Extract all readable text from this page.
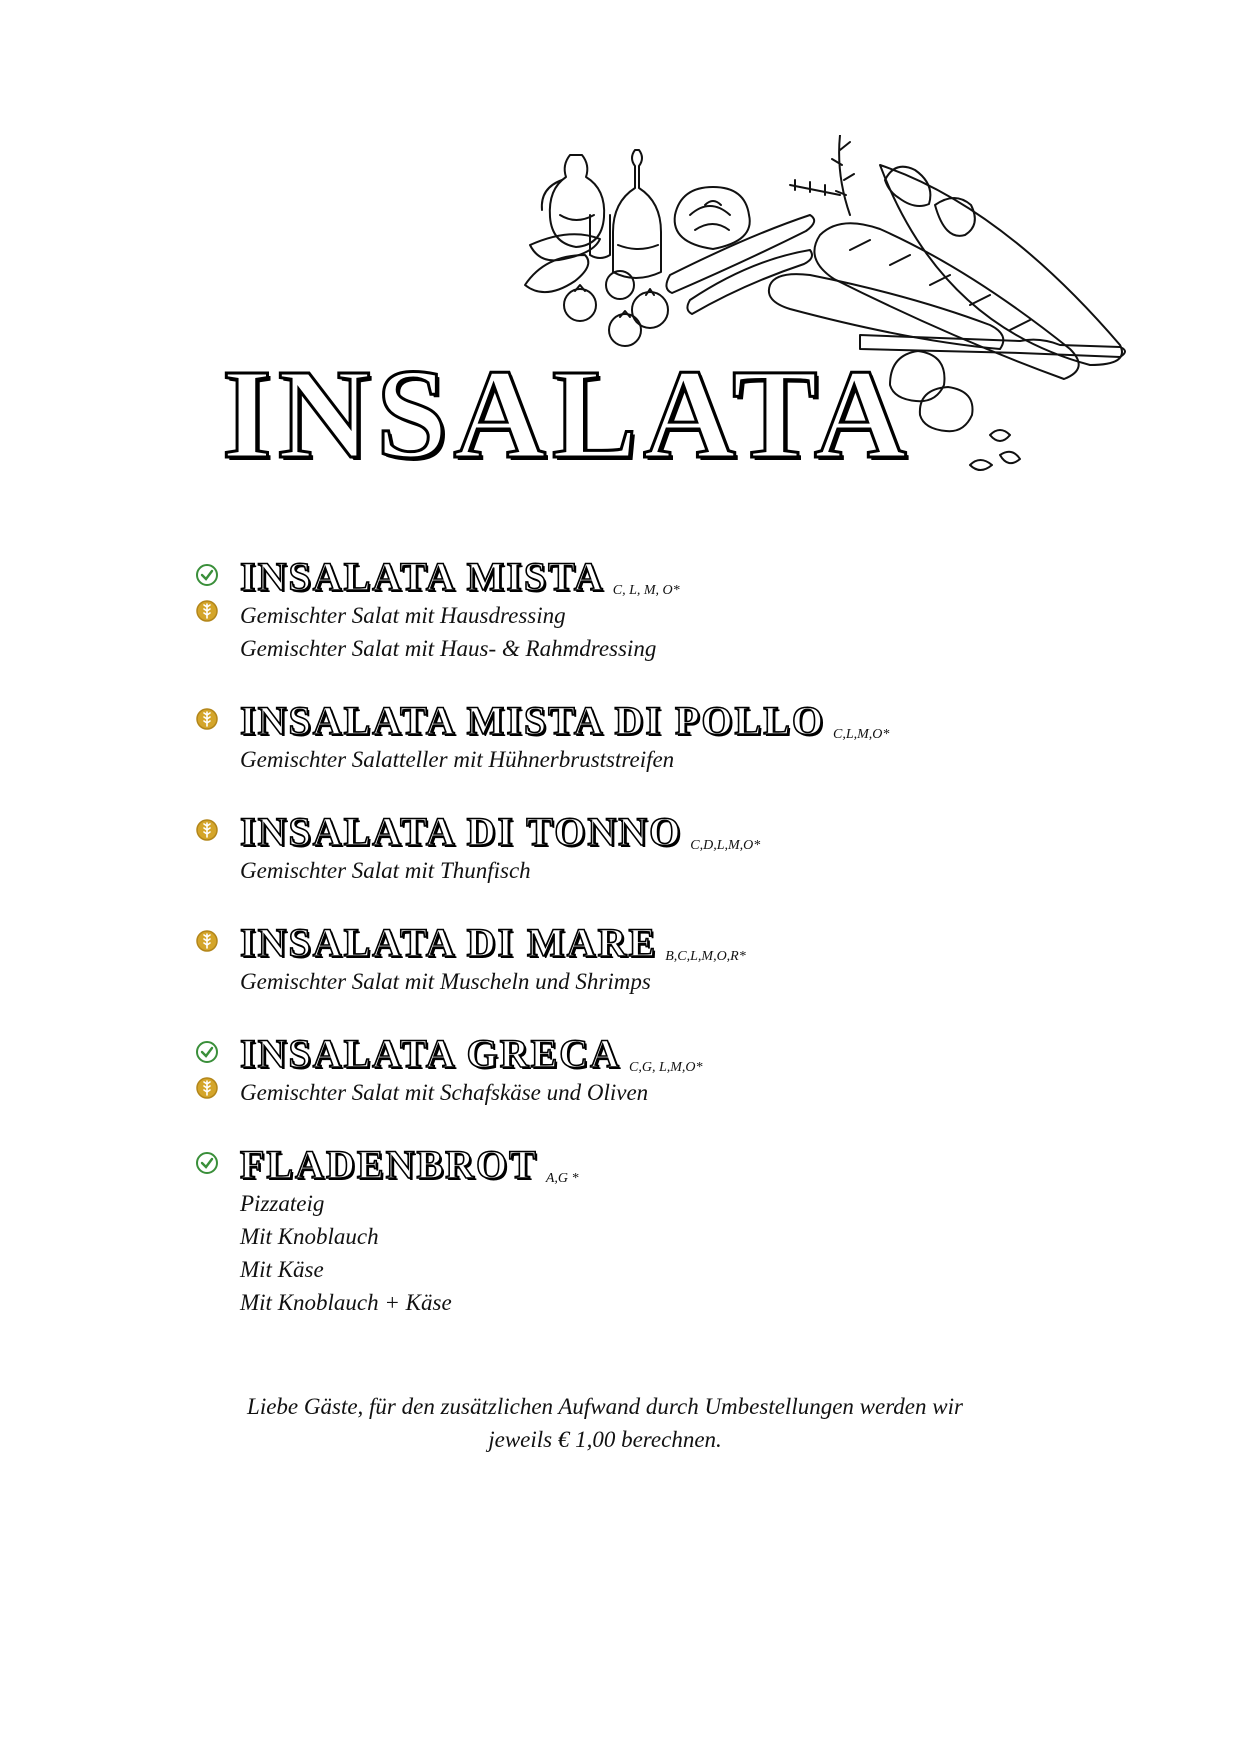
INSALATA
INSALATA MISTA C, L, M, O*
Gemischter Salat mit Hausdressing
Gemischter Salat mit Haus- & Rahmdressing
INSALATA MISTA DI POLLO C,L,M,O*
Gemischter Salatteller mit Hühnerbruststreifen
INSALATA DI TONNO C,D,L,M,O*
Gemischter Salat mit Thunfisch
INSALATA DI MARE B,C,L,M,O,R*
Gemischter Salat mit Muscheln und Shrimps
INSALATA GRECA C,G, L,M,O*
Gemischter Salat mit Schafskäse und Oliven
FLADENBROT A,G *
Pizzateig
Mit Knoblauch
Mit Käse
Mit Knoblauch + Käse
Liebe Gäste, für den zusätzlichen Aufwand durch Umbestellungen werden wir
jeweils € 1,00 berechnen.
